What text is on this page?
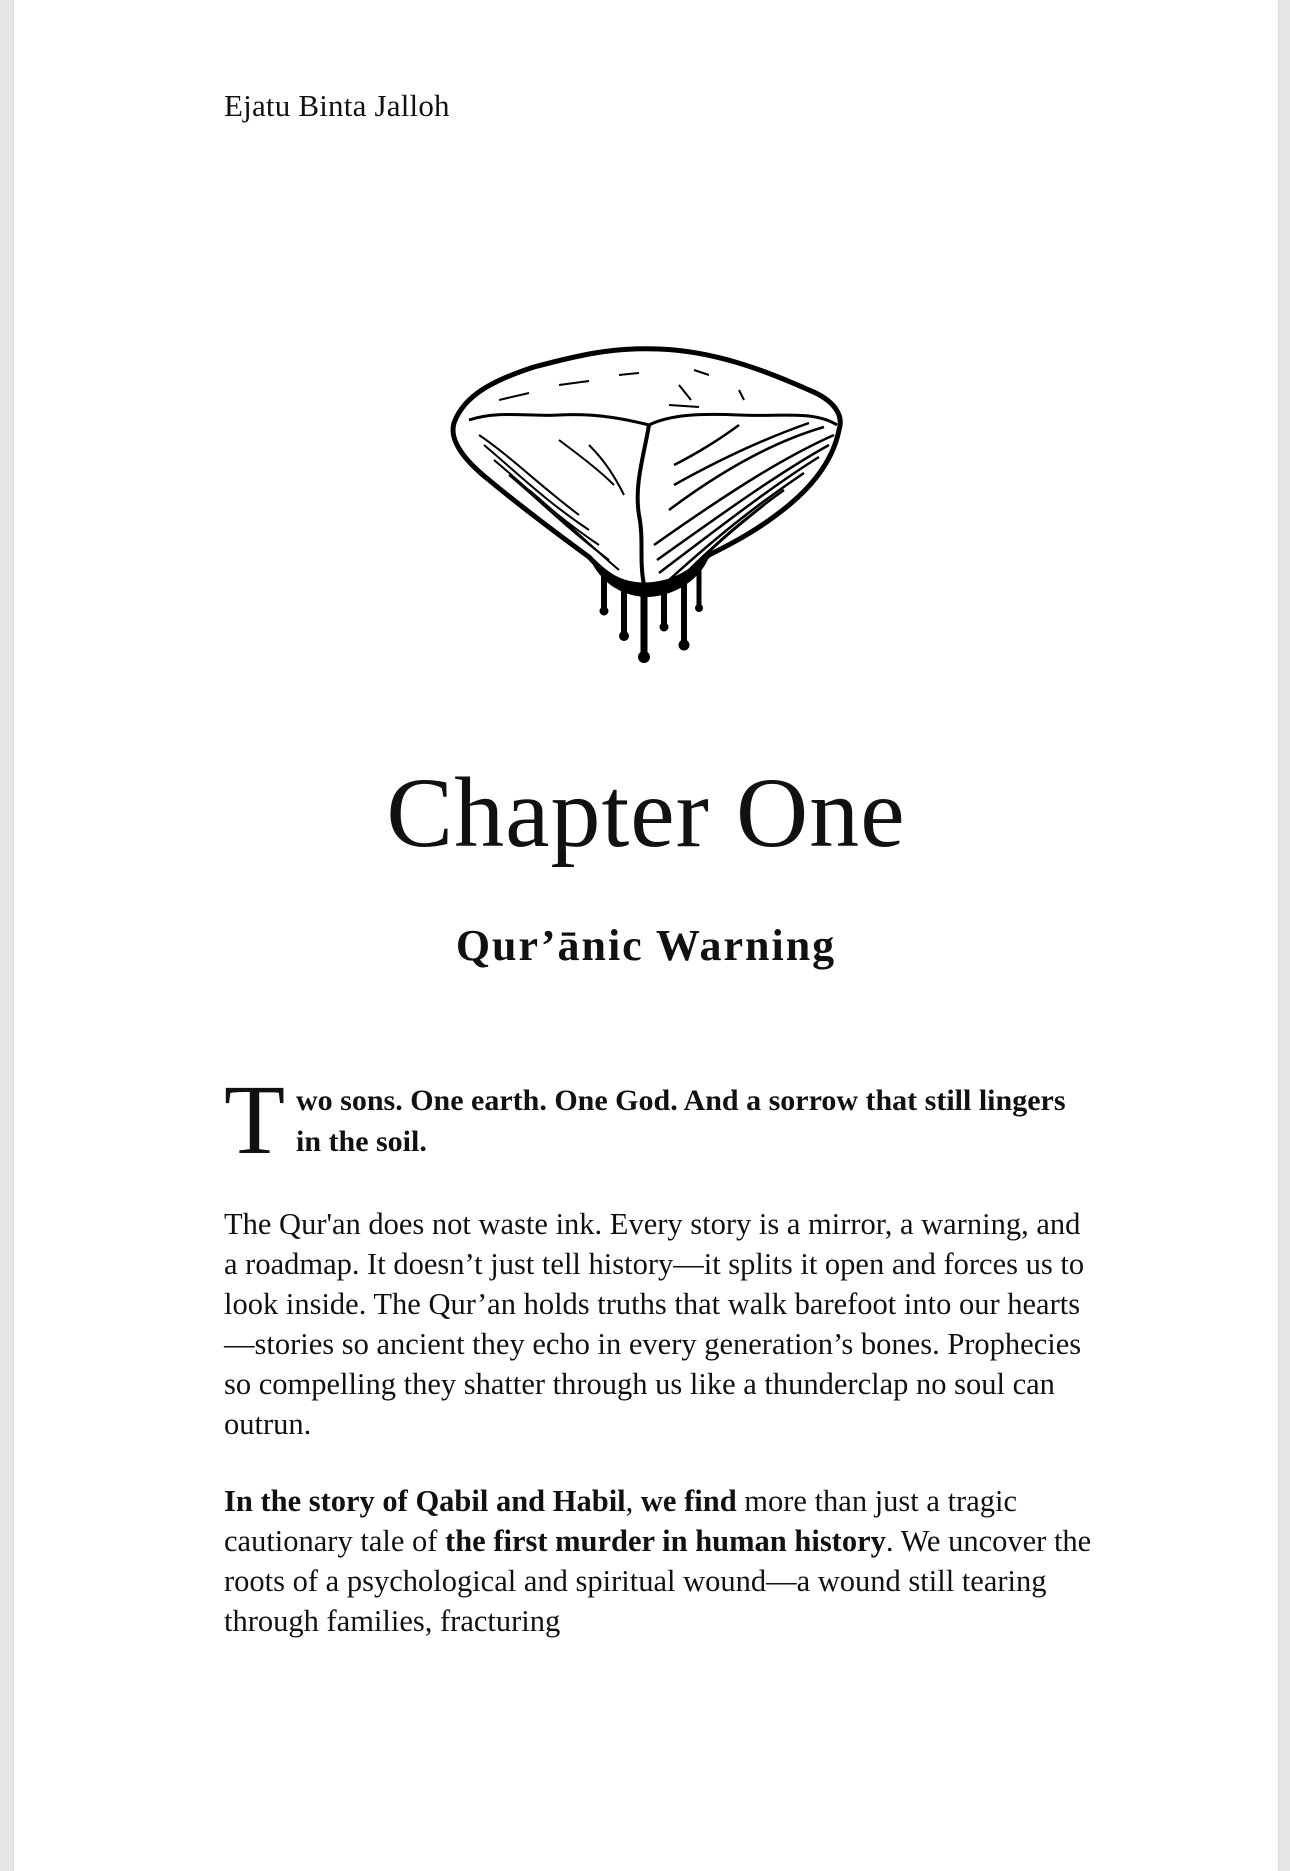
Ejatu Binta Jalloh

Chapter One
Qur’ānic Warning
T wo sons. One earth. One God. And a sorrow that still lingers in the soil.

The Qur'an does not waste ink. Every story is a mirror, a warning, and a roadmap. It doesn’t just tell history—it splits it open and forces us to look inside. The Qur’an holds truths that walk barefoot into our hearts—stories so ancient they echo in every generation’s bones. Prophecies so compelling they shatter through us like a thunderclap no soul can outrun.

In the story of Qabil and Habil, we find more than just a tragic cautionary tale of the first murder in human history. We uncover the roots of a psychological and spiritual wound—a wound still tearing through families, fracturing
